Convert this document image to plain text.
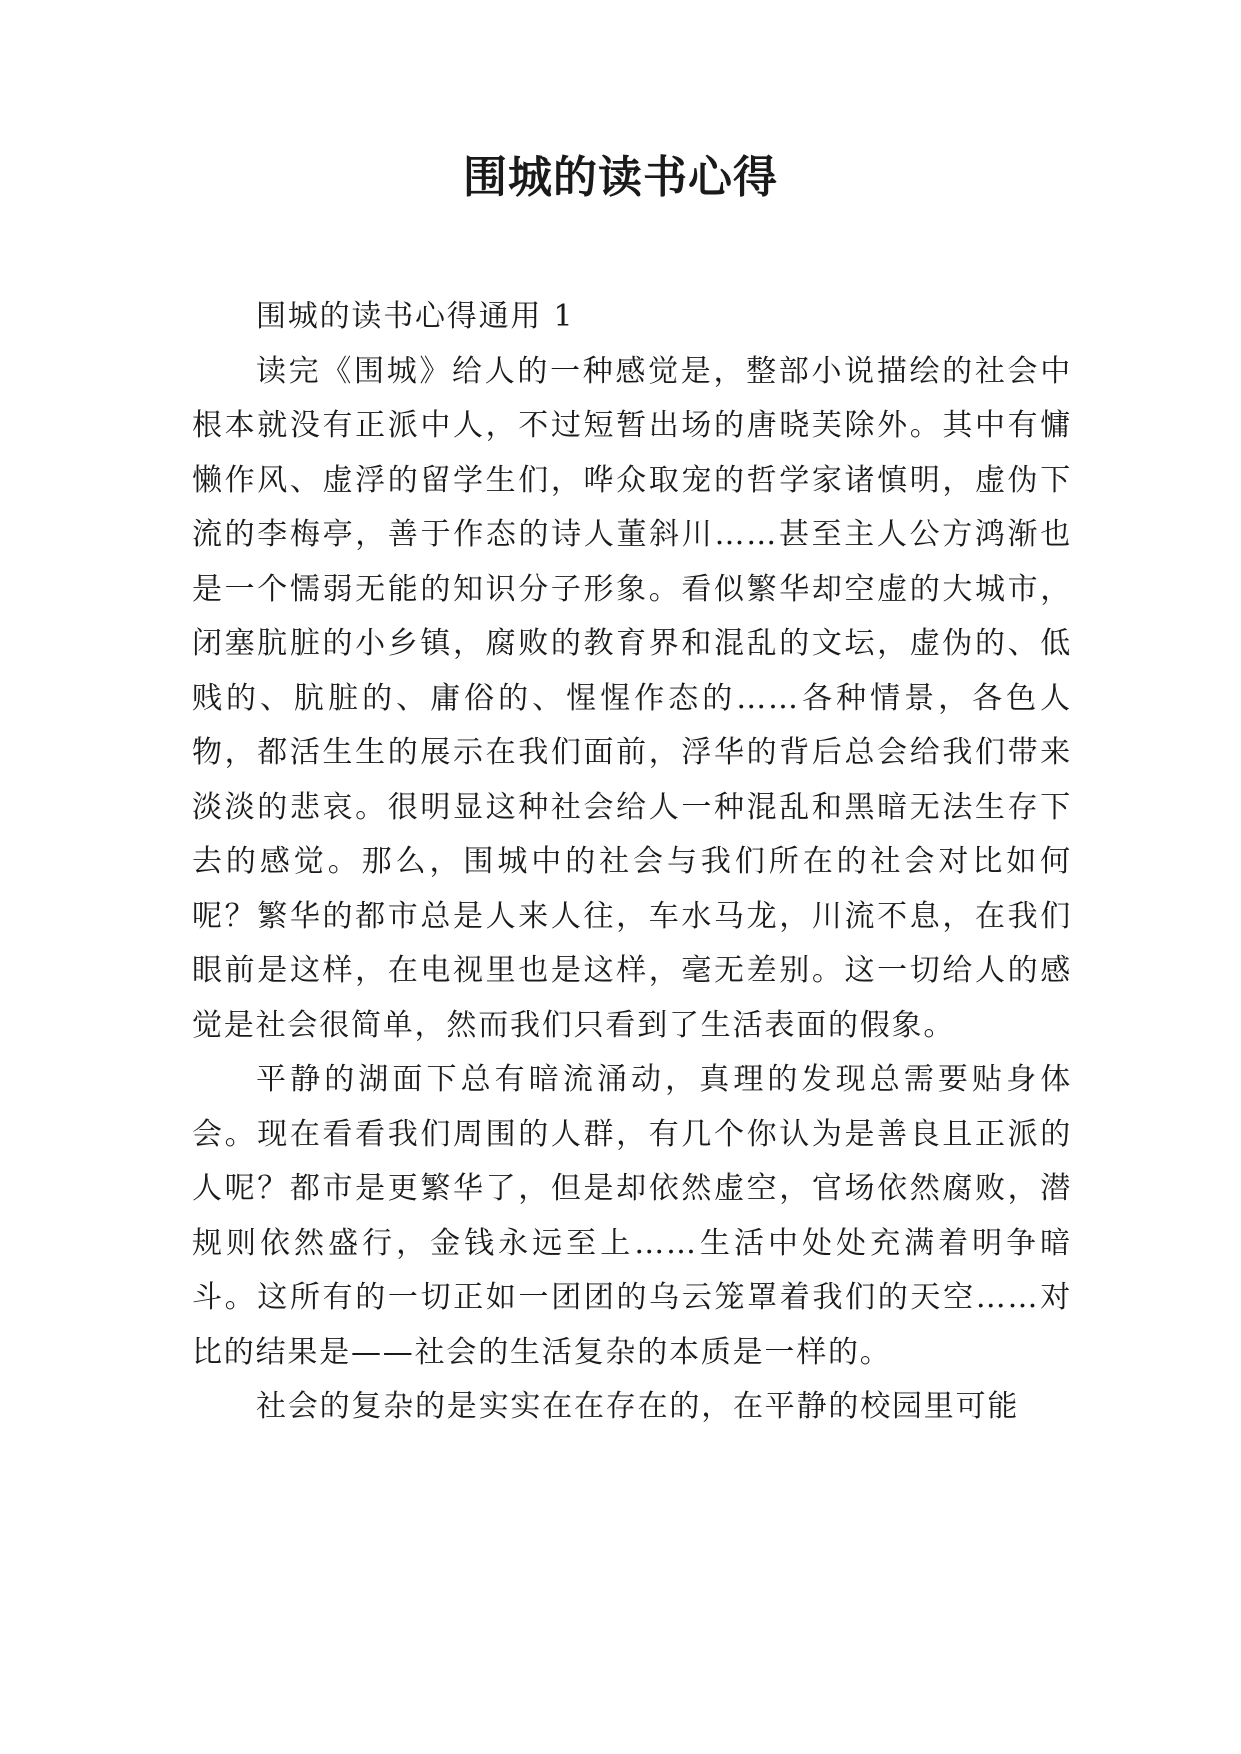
围城的读书心得

围城的读书心得通用 1

读完《围城》给人的一种感觉是，整部小说描绘的社会中根本就没有正派中人，不过短暂出场的唐晓芙除外。其中有慵懒作风、虚浮的留学生们，哗众取宠的哲学家诸慎明，虚伪下流的李梅亭，善于作态的诗人董斜川……甚至主人公方鸿渐也是一个懦弱无能的知识分子形象。看似繁华却空虚的大城市，闭塞肮脏的小乡镇，腐败的教育界和混乱的文坛，虚伪的、低贱的、肮脏的、庸俗的、惺惺作态的……各种情景，各色人物，都活生生的展示在我们面前，浮华的背后总会给我们带来淡淡的悲哀。很明显这种社会给人一种混乱和黑暗无法生存下去的感觉。那么，围城中的社会与我们所在的社会对比如何呢？繁华的都市总是人来人往，车水马龙，川流不息，在我们眼前是这样，在电视里也是这样，毫无差别。这一切给人的感觉是社会很简单，然而我们只看到了生活表面的假象。

平静的湖面下总有暗流涌动，真理的发现总需要贴身体会。现在看看我们周围的人群，有几个你认为是善良且正派的人呢？都市是更繁华了，但是却依然虚空，官场依然腐败，潜规则依然盛行，金钱永远至上……生活中处处充满着明争暗斗。这所有的一切正如一团团的乌云笼罩着我们的天空……对比的结果是——社会的生活复杂的本质是一样的。

社会的复杂的是实实在在存在的，在平静的校园里可能
